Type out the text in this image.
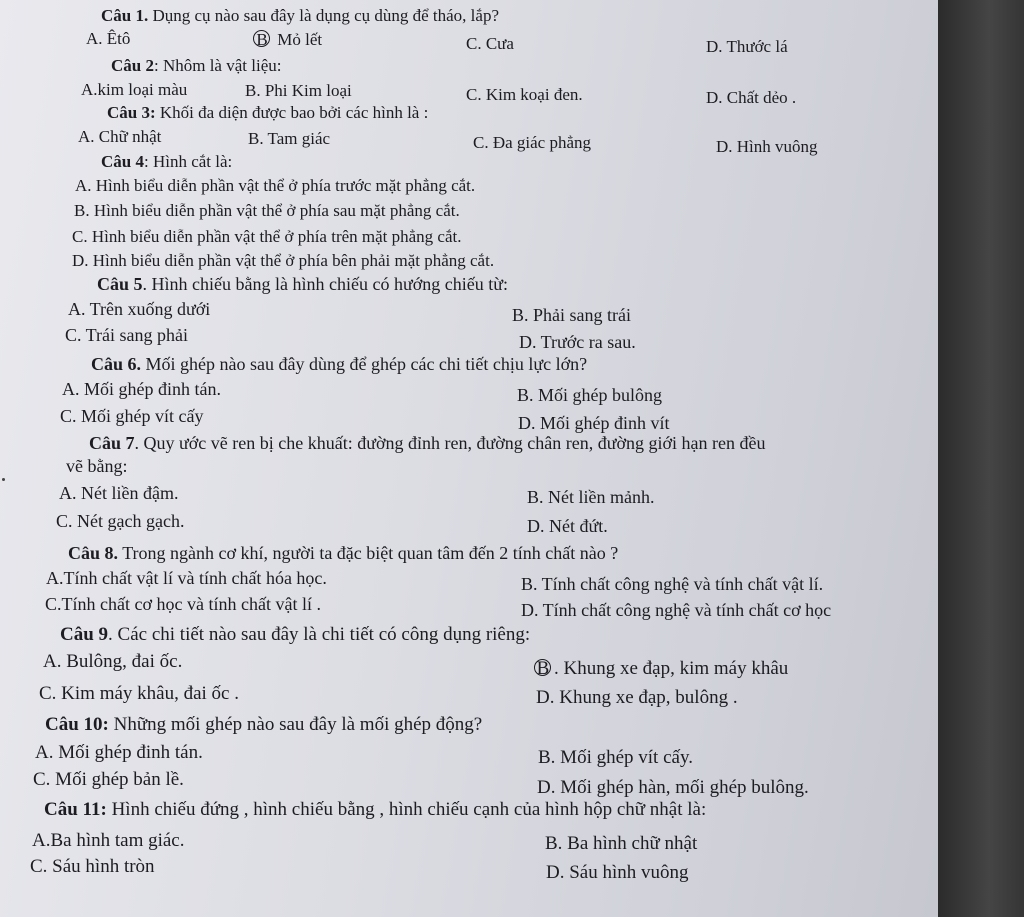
Câu 1. Dụng cụ nào sau đây là dụng cụ dùng để tháo, lắp?
A. Êtô	B Mỏ lết	C. Cưa	D. Thước lá
Câu 2: Nhôm là vật liệu:
A.kim loại màu	B. Phi Kim loại	C. Kim koại đen.	D. Chất dẻo .
Câu 3: Khối đa diện được bao bởi các hình là :
A. Chữ nhật	B. Tam giác	C. Đa giác phẳng	D. Hình vuông
Câu 4: Hình cắt là:
A. Hình biểu diễn phần vật thể ở phía trước mặt phẳng cắt.
B. Hình biểu diễn phần vật thể ở phía sau mặt phẳng cắt.
C. Hình biểu diễn phần vật thể ở phía trên mặt phẳng cắt.
D. Hình biểu diễn phần vật thể ở phía bên phải mặt phẳng cắt.
Câu 5. Hình chiếu bằng là hình chiếu có hướng chiếu từ:
A. Trên xuống dưới	B. Phải sang trái
C. Trái sang phải	D. Trước ra sau.
Câu 6. Mối ghép nào sau đây dùng để ghép các chi tiết chịu lực lớn?
A. Mối ghép đinh tán.	B. Mối ghép bulông
C. Mối ghép vít cấy	D. Mối ghép đinh vít
Câu 7. Quy ước vẽ ren bị che khuất: đường đỉnh ren, đường chân ren, đường giới hạn ren đều
vẽ bằng:
A. Nét liền đậm.	B. Nét liền mảnh.
C. Nét gạch gạch.	D. Nét đứt.
Câu 8. Trong ngành cơ khí, người ta đặc biệt quan tâm đến 2 tính chất nào ?
A.Tính chất vật lí và tính chất hóa học.	B. Tính chất công nghệ và tính chất vật lí.
C.Tính chất cơ học và tính chất vật lí .	D. Tính chất công nghệ và tính chất cơ học
Câu 9. Các chi tiết nào sau đây là chi tiết có công dụng riêng:
A. Bulông, đai ốc.	B . Khung xe đạp, kim máy khâu
C. Kim máy khâu, đai ốc .	D. Khung xe đạp, bulông .
Câu 10: Những mối ghép nào sau đây là mối ghép động?
A. Mối ghép đinh tán.	B. Mối ghép vít cấy.
C. Mối ghép bản lề.	D. Mối ghép hàn, mối ghép bulông.
Câu 11: Hình chiếu đứng , hình chiếu bằng , hình chiếu cạnh của hình hộp chữ nhật là:
A.Ba hình tam giác.	B. Ba hình chữ nhật
C. Sáu hình tròn	D. Sáu hình vuông
